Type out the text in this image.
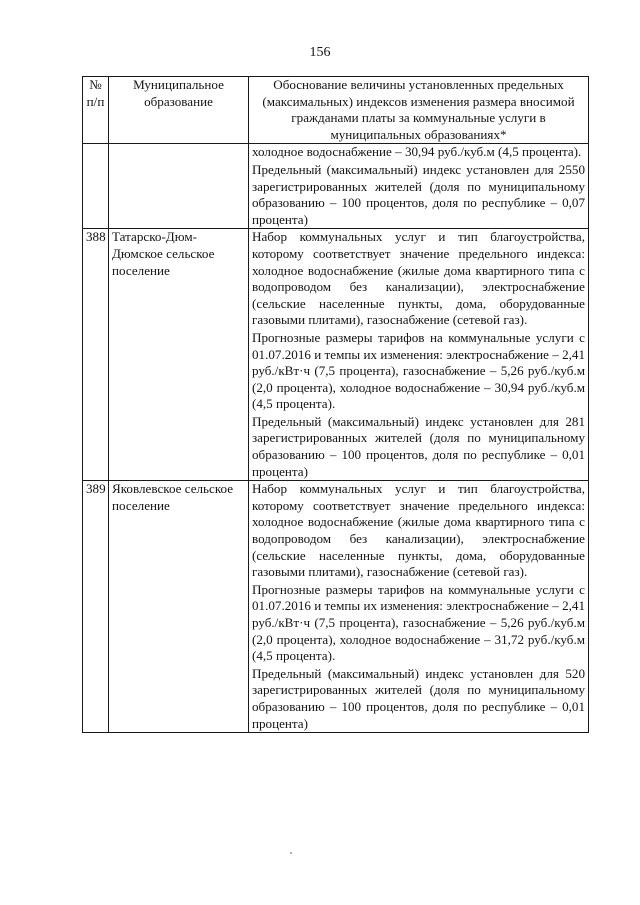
156
№ п/п	Муниципальное образование	Обоснование величины установленных предельных (максимальных) индексов изменения размера вносимой гражданами платы за коммунальные услуги в муниципальных образованиях*

		холодное водоснабжение – 30,94 руб./куб.м (4,5 процента).

Предельный (максимальный) индекс установлен для 2550 зарегистрированных жителей (доля по муниципальному образованию – 100 процентов, доля по республике – 0,07 процента)

388	Татарско-Дюм-Дюмское сельское поселение	Набор коммунальных услуг и тип благоустройства, которому соответствует значение предельного индекса: холодное водоснабжение (жилые дома квартирного типа с водопроводом без канализации), электроснабжение (сельские населенные пункты, дома, оборудованные газовыми плитами), газоснабжение (сетевой газ).

Прогнозные размеры тарифов на коммунальные услуги с 01.07.2016 и темпы их изменения: электроснабжение – 2,41 руб./кВт·ч (7,5 процента), газоснабжение – 5,26 руб./куб.м (2,0 процента), холодное водоснабжение – 30,94 руб./куб.м (4,5 процента).

Предельный (максимальный) индекс установлен для 281 зарегистрированных жителей (доля по муниципальному образованию – 100 процентов, доля по республике – 0,01 процента)

389	Яковлевское сельское поселение	Набор коммунальных услуг и тип благоустройства, которому соответствует значение предельного индекса: холодное водоснабжение (жилые дома квартирного типа с водопроводом без канализации), электроснабжение (сельские населенные пункты, дома, оборудованные газовыми плитами), газоснабжение (сетевой газ).

Прогнозные размеры тарифов на коммунальные услуги с 01.07.2016 и темпы их изменения: электроснабжение – 2,41 руб./кВт·ч (7,5 процента), газоснабжение – 5,26 руб./куб.м (2,0 процента), холодное водоснабжение – 31,72 руб./куб.м (4,5 процента).

Предельный (максимальный) индекс установлен для 520 зарегистрированных жителей (доля по муниципальному образованию – 100 процентов, доля по республике – 0,01 процента)
